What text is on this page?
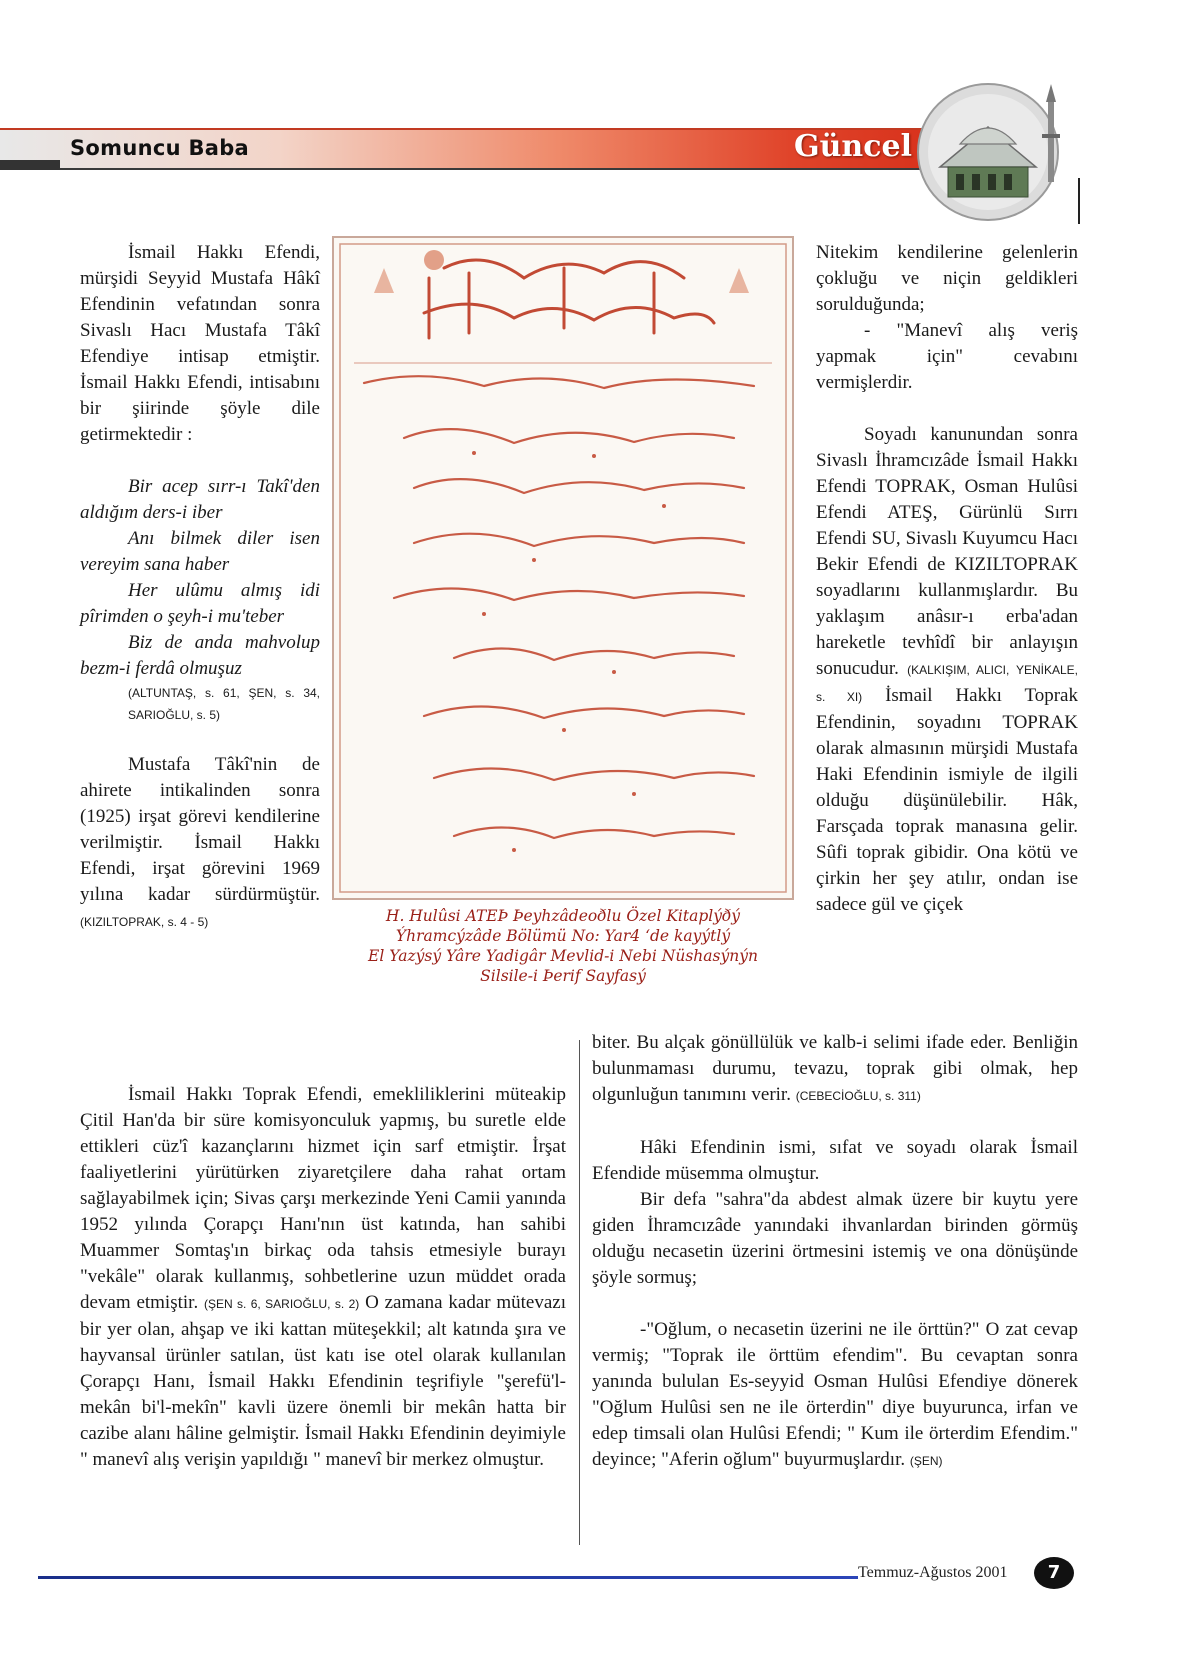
Somuncu Baba	Güncel

İsmail Hakkı Efendi, mürşidi Seyyid Mustafa Hâkî Efendinin vefatından sonra Sivaslı Hacı Mustafa Tâkî Efendiye intisap etmiştir. İsmail Hakkı Efendi, intisabını bir şiirinde şöyle dile getirmektedir :

Bir acep sırr-ı Takî'den aldığım ders-i iber

Anı bilmek diler isen vereyim sana haber

Her ulûmu almış idi pîrimden o şeyh-i mu'teber

Biz de anda mahvolup bezm-i ferdâ olmuşuz

(ALTUNTAŞ, s. 61, ŞEN, s. 34, SARIOĞLU, s. 5)

Mustafa Tâkî'nin de ahirete intikalinden sonra (1925) irşat görevi kendilerine verilmiştir. İsmail Hakkı Efendi, irşat görevini 1969 yılına kadar sürdürmüştür. (KIZILTOPRAK, s. 4 - 5)	H. Hulûsi ATEÞ Þeyhzâdeoðlu Özel Kitaplýðý
Ýhramcýzâde Bölümü No: Yar4 ‘de kayýtlý
El Yazýsý Yâre Yadigâr Mevlid-i Nebi Nüshasýnýn
Silsile-i Þerif Sayfasý

Nitekim kendilerine gelenlerin çokluğu ve niçin geldikleri sorulduğunda;

- "Manevî alış veriş yapmak için" cevabını vermişlerdir.

Soyadı kanunundan sonra Sivaslı İhramcızâde İsmail Hakkı Efendi TOPRAK, Osman Hulûsi Efendi ATEŞ, Gürünlü Sırrı Efendi SU, Sivaslı Kuyumcu Hacı Bekir Efendi de KIZILTOPRAK soyadlarını kullanmışlardır. Bu yaklaşım anâsır-ı erba'adan hareketle tevhîdî bir anlayışın sonucudur. (KALKIŞIM, ALICI, YENİKALE, s. XI) İsmail Hakkı Toprak Efendinin, soyadını TOPRAK olarak almasının mürşidi Mustafa Haki Efendinin ismiyle de ilgili olduğu düşünülebilir. Hâk, Farsçada toprak manasına gelir. Sûfi toprak gibidir. Ona kötü ve çirkin her şey atılır, ondan ise sadece gül ve çiçek

İsmail Hakkı Toprak Efendi, emekliliklerini müteakip Çitil Han'da bir süre komisyonculuk yapmış, bu suretle elde ettikleri cüz'î kazançlarını hizmet için sarf etmiştir. İrşat faaliyetlerini yürütürken ziyaretçilere daha rahat ortam sağlayabilmek için; Sivas çarşı merkezinde Yeni Camii yanında 1952 yılında Çorapçı Hanı'nın üst katında, han sahibi Muammer Somtaş'ın birkaç oda tahsis etmesiyle burayı "vekâle" olarak kullanmış, sohbetlerine uzun müddet orada devam etmiştir. (ŞEN s. 6, SARIOĞLU, s. 2) O zamana kadar mütevazı bir yer olan, ahşap ve iki kattan müteşekkil; alt katında şıra ve hayvansal ürünler satılan, üst katı ise otel olarak kullanılan Çorapçı Hanı, İsmail Hakkı Efendinin teşrifiyle "şerefü'l-mekân bi'l-mekîn" kavli üzere önemli bir mekân hatta bir cazibe alanı hâline gelmiştir. İsmail Hakkı Efendinin deyimiyle " manevî alış verişin yapıldığı " manevî bir merkez olmuştur.

biter. Bu alçak gönüllülük ve kalb-i selimi ifade eder. Benliğin bulunmaması durumu, tevazu, toprak gibi olmak, hep olgunluğun tanımını verir. (CEBECİOĞLU, s. 311)

Hâki Efendinin ismi, sıfat ve soyadı olarak İsmail Efendide müsemma olmuştur.

Bir defa "sahra"da abdest almak üzere bir kuytu yere giden İhramcızâde yanındaki ihvanlardan birinden görmüş olduğu necasetin üzerini örtmesini istemiş ve ona dönüşünde şöyle sormuş;

-"Oğlum, o necasetin üzerini ne ile örttün?" O zat cevap vermiş; "Toprak ile örttüm efendim". Bu cevaptan sonra yanında bululan Es-seyyid Osman Hulûsi Efendiye dönerek "Oğlum Hulûsi sen ne ile örterdin" diye buyurunca, irfan ve edep timsali olan Hulûsi Efendi; " Kum ile örterdim Efendim." deyince; "Aferin oğlum" buyurmuşlardır. (ŞEN)

Temmuz-Ağustos 2001	7
